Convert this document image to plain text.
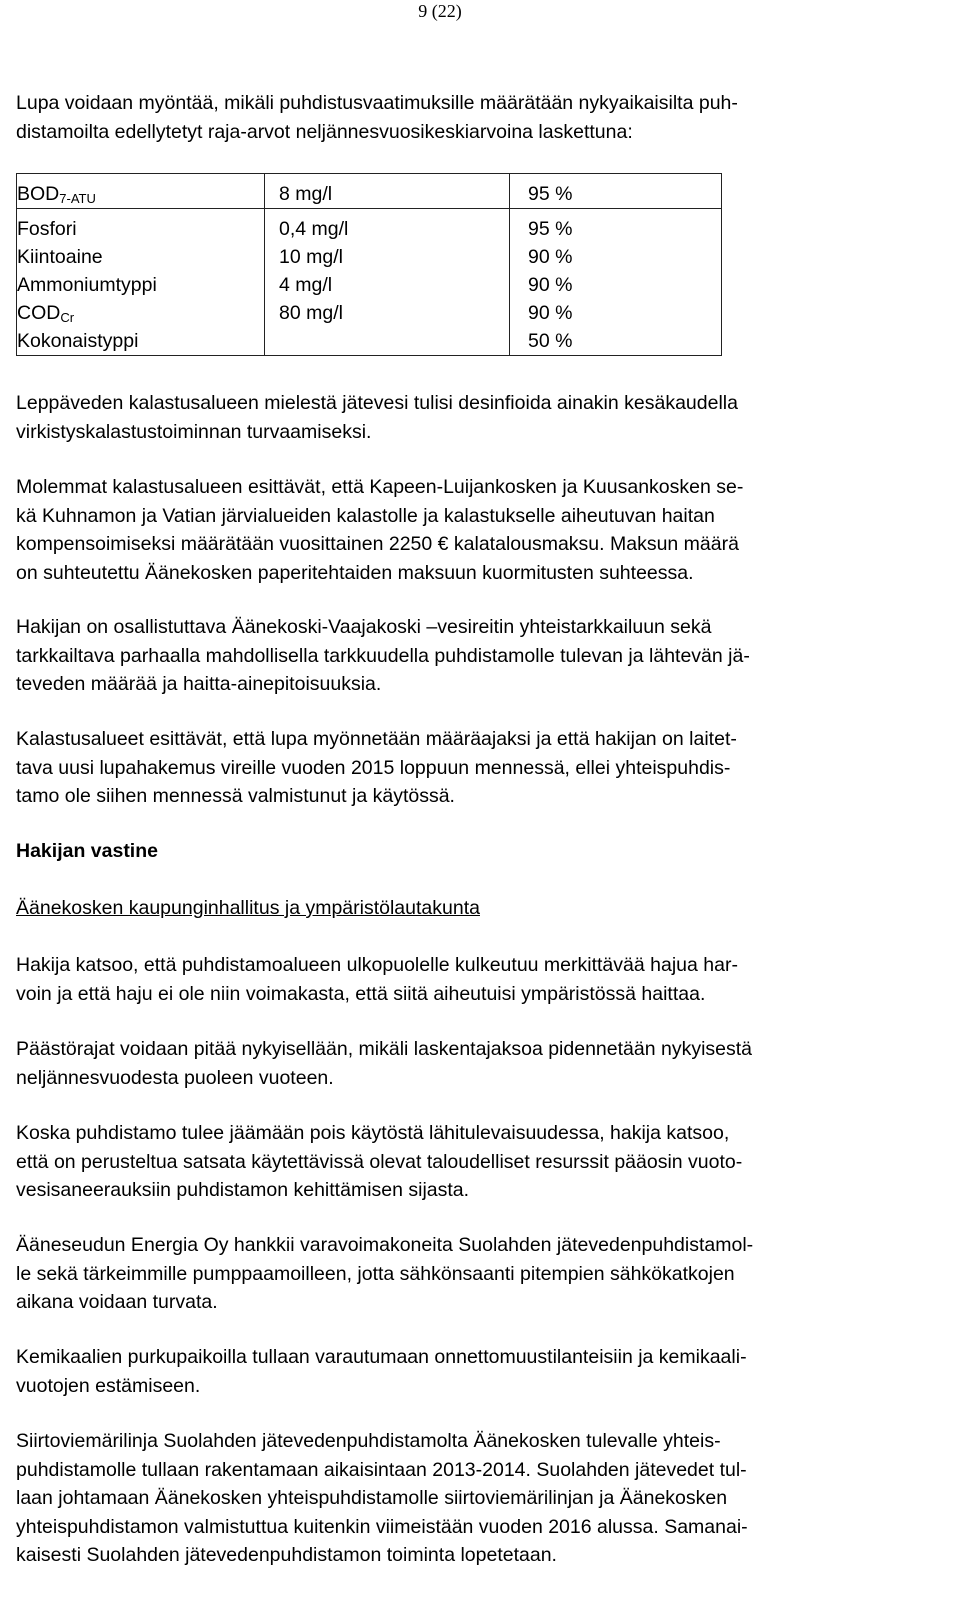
9 (22)
Lupa voidaan myöntää, mikäli puhdistusvaatimuksille määrätään nykyaikaisilta puh-
distamoilta edellytetyt raja-arvot neljännesvuosikeskiarvoina laskettuna:
$BOD_{7-ATU}$	8 mg/l	95 %

Fosfori	0,4 mg/l	95 %
Kiintoaine	10 mg/l	90 %
Ammoniumtyppi	4 mg/l	90 %
$COD_{Cr}$	80 mg/l	90 %
Kokonaistyppi		50 %
Leppäveden kalastusalueen mielestä jätevesi tulisi desinfioida ainakin kesäkaudella
virkistyskalastustoiminnan turvaamiseksi.
Molemmat kalastusalueen esittävät, että Kapeen-Luijankosken ja Kuusankosken se-
kä Kuhnamon ja Vatian järvialueiden kalastolle ja kalastukselle aiheutuvan haitan
kompensoimiseksi määrätään vuosittainen 2250 € kalatalousmaksu. Maksun määrä
on suhteutettu Äänekosken paperitehtaiden maksuun kuormitusten suhteessa.
Hakijan on osallistuttava Äänekoski-Vaajakoski –vesireitin yhteistarkkailuun sekä
tarkkailtava parhaalla mahdollisella tarkkuudella puhdistamolle tulevan ja lähtevän jä-
teveden määrää ja haitta-ainepitoisuuksia.
Kalastusalueet esittävät, että lupa myönnetään määräajaksi ja että hakijan on laitet-
tava uusi lupahakemus vireille vuoden 2015 loppuun mennessä, ellei yhteispuhdis-
tamo ole siihen mennessä valmistunut ja käytössä.
Hakijan vastine
Äänekosken kaupunginhallitus ja ympäristölautakunta
Hakija katsoo, että puhdistamoalueen ulkopuolelle kulkeutuu merkittävää hajua har-
voin ja että haju ei ole niin voimakasta, että siitä aiheutuisi ympäristössä haittaa.
Päästörajat voidaan pitää nykyisellään, mikäli laskentajaksoa pidennetään nykyisestä
neljännesvuodesta puoleen vuoteen.
Koska puhdistamo tulee jäämään pois käytöstä lähitulevaisuudessa, hakija katsoo,
että on perusteltua satsata käytettävissä olevat taloudelliset resurssit pääosin vuoto-
vesisaneerauksiin puhdistamon kehittämisen sijasta.
Ääneseudun Energia Oy hankkii varavoimakoneita Suolahden jätevedenpuhdistamol-
le sekä tärkeimmille pumppaamoilleen, jotta sähkönsaanti pitempien sähkökatkojen
aikana voidaan turvata.
Kemikaalien purkupaikoilla tullaan varautumaan onnettomuustilanteisiin ja kemikaali-
vuotojen estämiseen.
Siirtoviemärilinja Suolahden jätevedenpuhdistamolta Äänekosken tulevalle yhteis-
puhdistamolle tullaan rakentamaan aikaisintaan 2013-2014. Suolahden jätevedet tul-
laan johtamaan Äänekosken yhteispuhdistamolle siirtoviemärilinjan ja Äänekosken
yhteispuhdistamon valmistuttua kuitenkin viimeistään vuoden 2016 alussa. Samanai-
kaisesti Suolahden jätevedenpuhdistamon toiminta lopetetaan.
